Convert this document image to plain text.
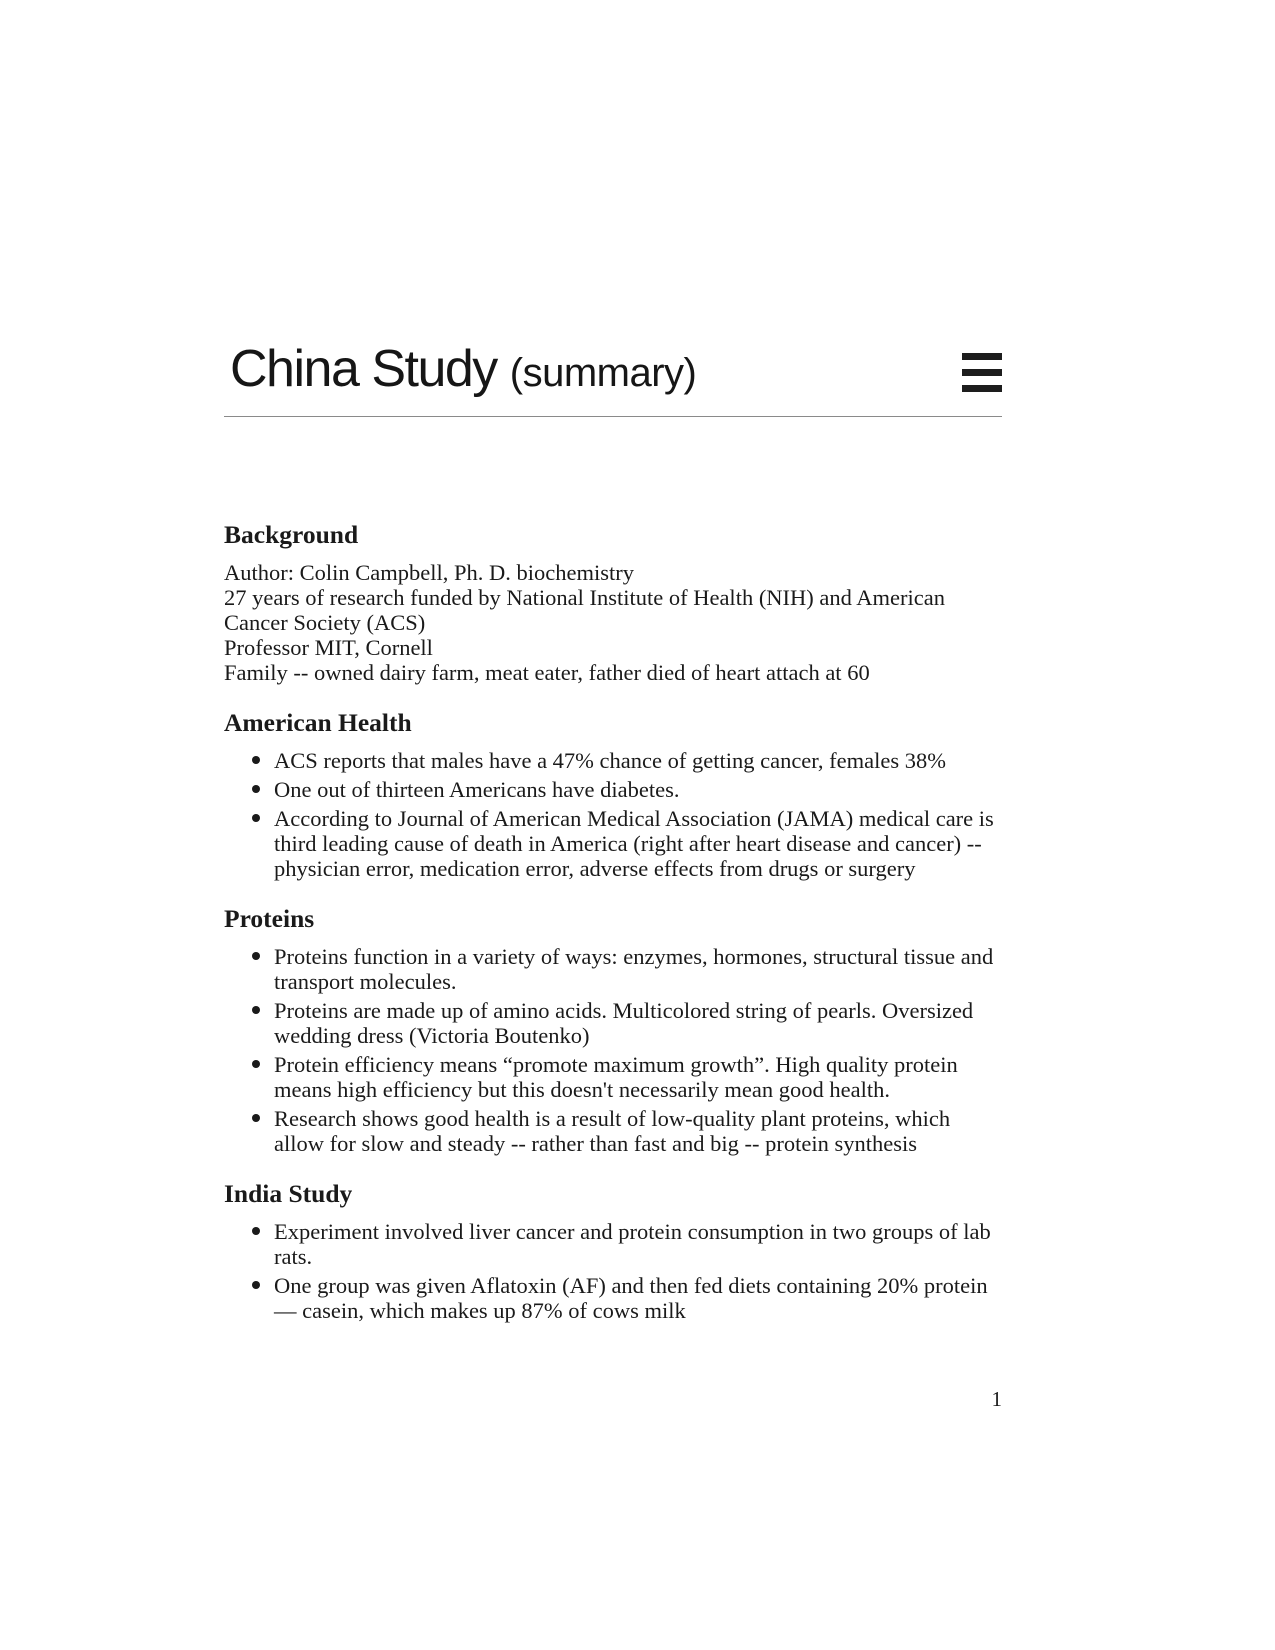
China Study (summary)
Background

Author: Colin Campbell, Ph. D. biochemistry

27 years of research funded by National Institute of Health (NIH) and American Cancer Society (ACS)

Professor MIT, Cornell

Family -- owned dairy farm, meat eater, father died of heart attach at 60

American Health
ACS reports that males have a 47% chance of getting cancer, females 38%
One out of thirteen Americans have diabetes.
According to Journal of American Medical Association (JAMA) medical care is third leading cause of death in America (right after heart disease and cancer) -- physician error, medication error, adverse effects from drugs or surgery
Proteins
Proteins function in a variety of ways: enzymes, hormones, structural tissue and transport molecules.
Proteins are made up of amino acids. Multicolored string of pearls. Oversized wedding dress (Victoria Boutenko)
Protein efficiency means “promote maximum growth”. High quality protein means high efficiency but this doesn't necessarily mean good health.
Research shows good health is a result of low-quality plant proteins, which allow for slow and steady -- rather than fast and big -- protein synthesis
India Study
Experiment involved liver cancer and protein consumption in two groups of lab rats.
One group was given Aflatoxin (AF) and then fed diets containing 20% protein — casein, which makes up 87% of cows milk
1
